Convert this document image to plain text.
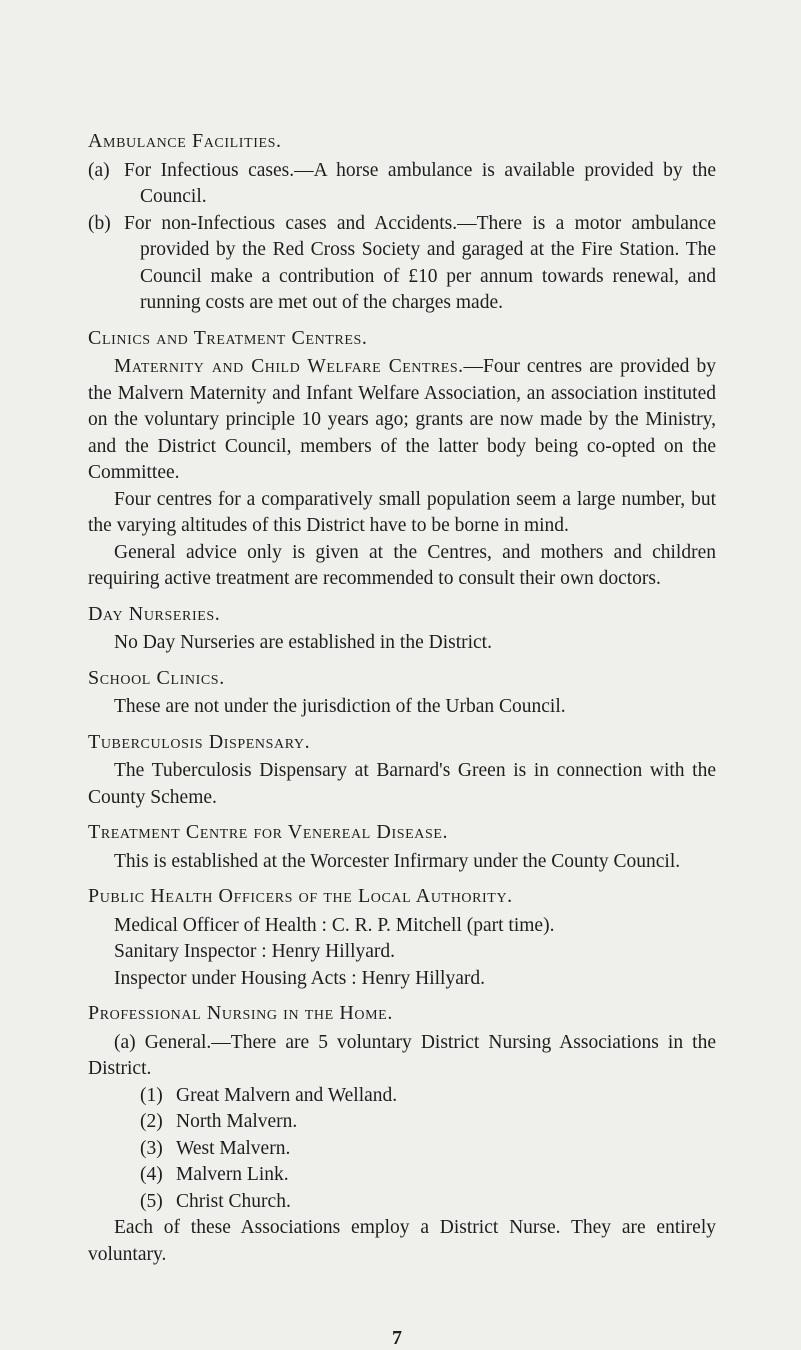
Ambulance Facilities.

(a) For Infectious cases.—A horse ambulance is available provided by the Council.

(b) For non-Infectious cases and Accidents.—There is a motor ambulance provided by the Red Cross Society and garaged at the Fire Station. The Council make a contribution of £10 per annum towards renewal, and running costs are met out of the charges made.

Clinics and Treatment Centres.

Maternity and Child Welfare Centres.—Four centres are provided by the Malvern Maternity and Infant Welfare Association, an association instituted on the voluntary principle 10 years ago; grants are now made by the Ministry, and the District Council, members of the latter body being co-opted on the Committee.

Four centres for a comparatively small population seem a large number, but the varying altitudes of this District have to be borne in mind.

General advice only is given at the Centres, and mothers and children requiring active treatment are recommended to consult their own doctors.

Day Nurseries.

No Day Nurseries are established in the District.

School Clinics.

These are not under the jurisdiction of the Urban Council.

Tuberculosis Dispensary.

The Tuberculosis Dispensary at Barnard's Green is in connection with the County Scheme.

Treatment Centre for Venereal Disease.

This is established at the Worcester Infirmary under the County Council.

Public Health Officers of the Local Authority.

Medical Officer of Health : C. R. P. Mitchell (part time).

Sanitary Inspector : Henry Hillyard.

Inspector under Housing Acts : Henry Hillyard.

Professional Nursing in the Home.

(a) General.—There are 5 voluntary District Nursing Associations in the District.

(1) Great Malvern and Welland.
(2) North Malvern.
(3) West Malvern.
(4) Malvern Link.
(5) Christ Church.

Each of these Associations employ a District Nurse. They are entirely voluntary.

7
